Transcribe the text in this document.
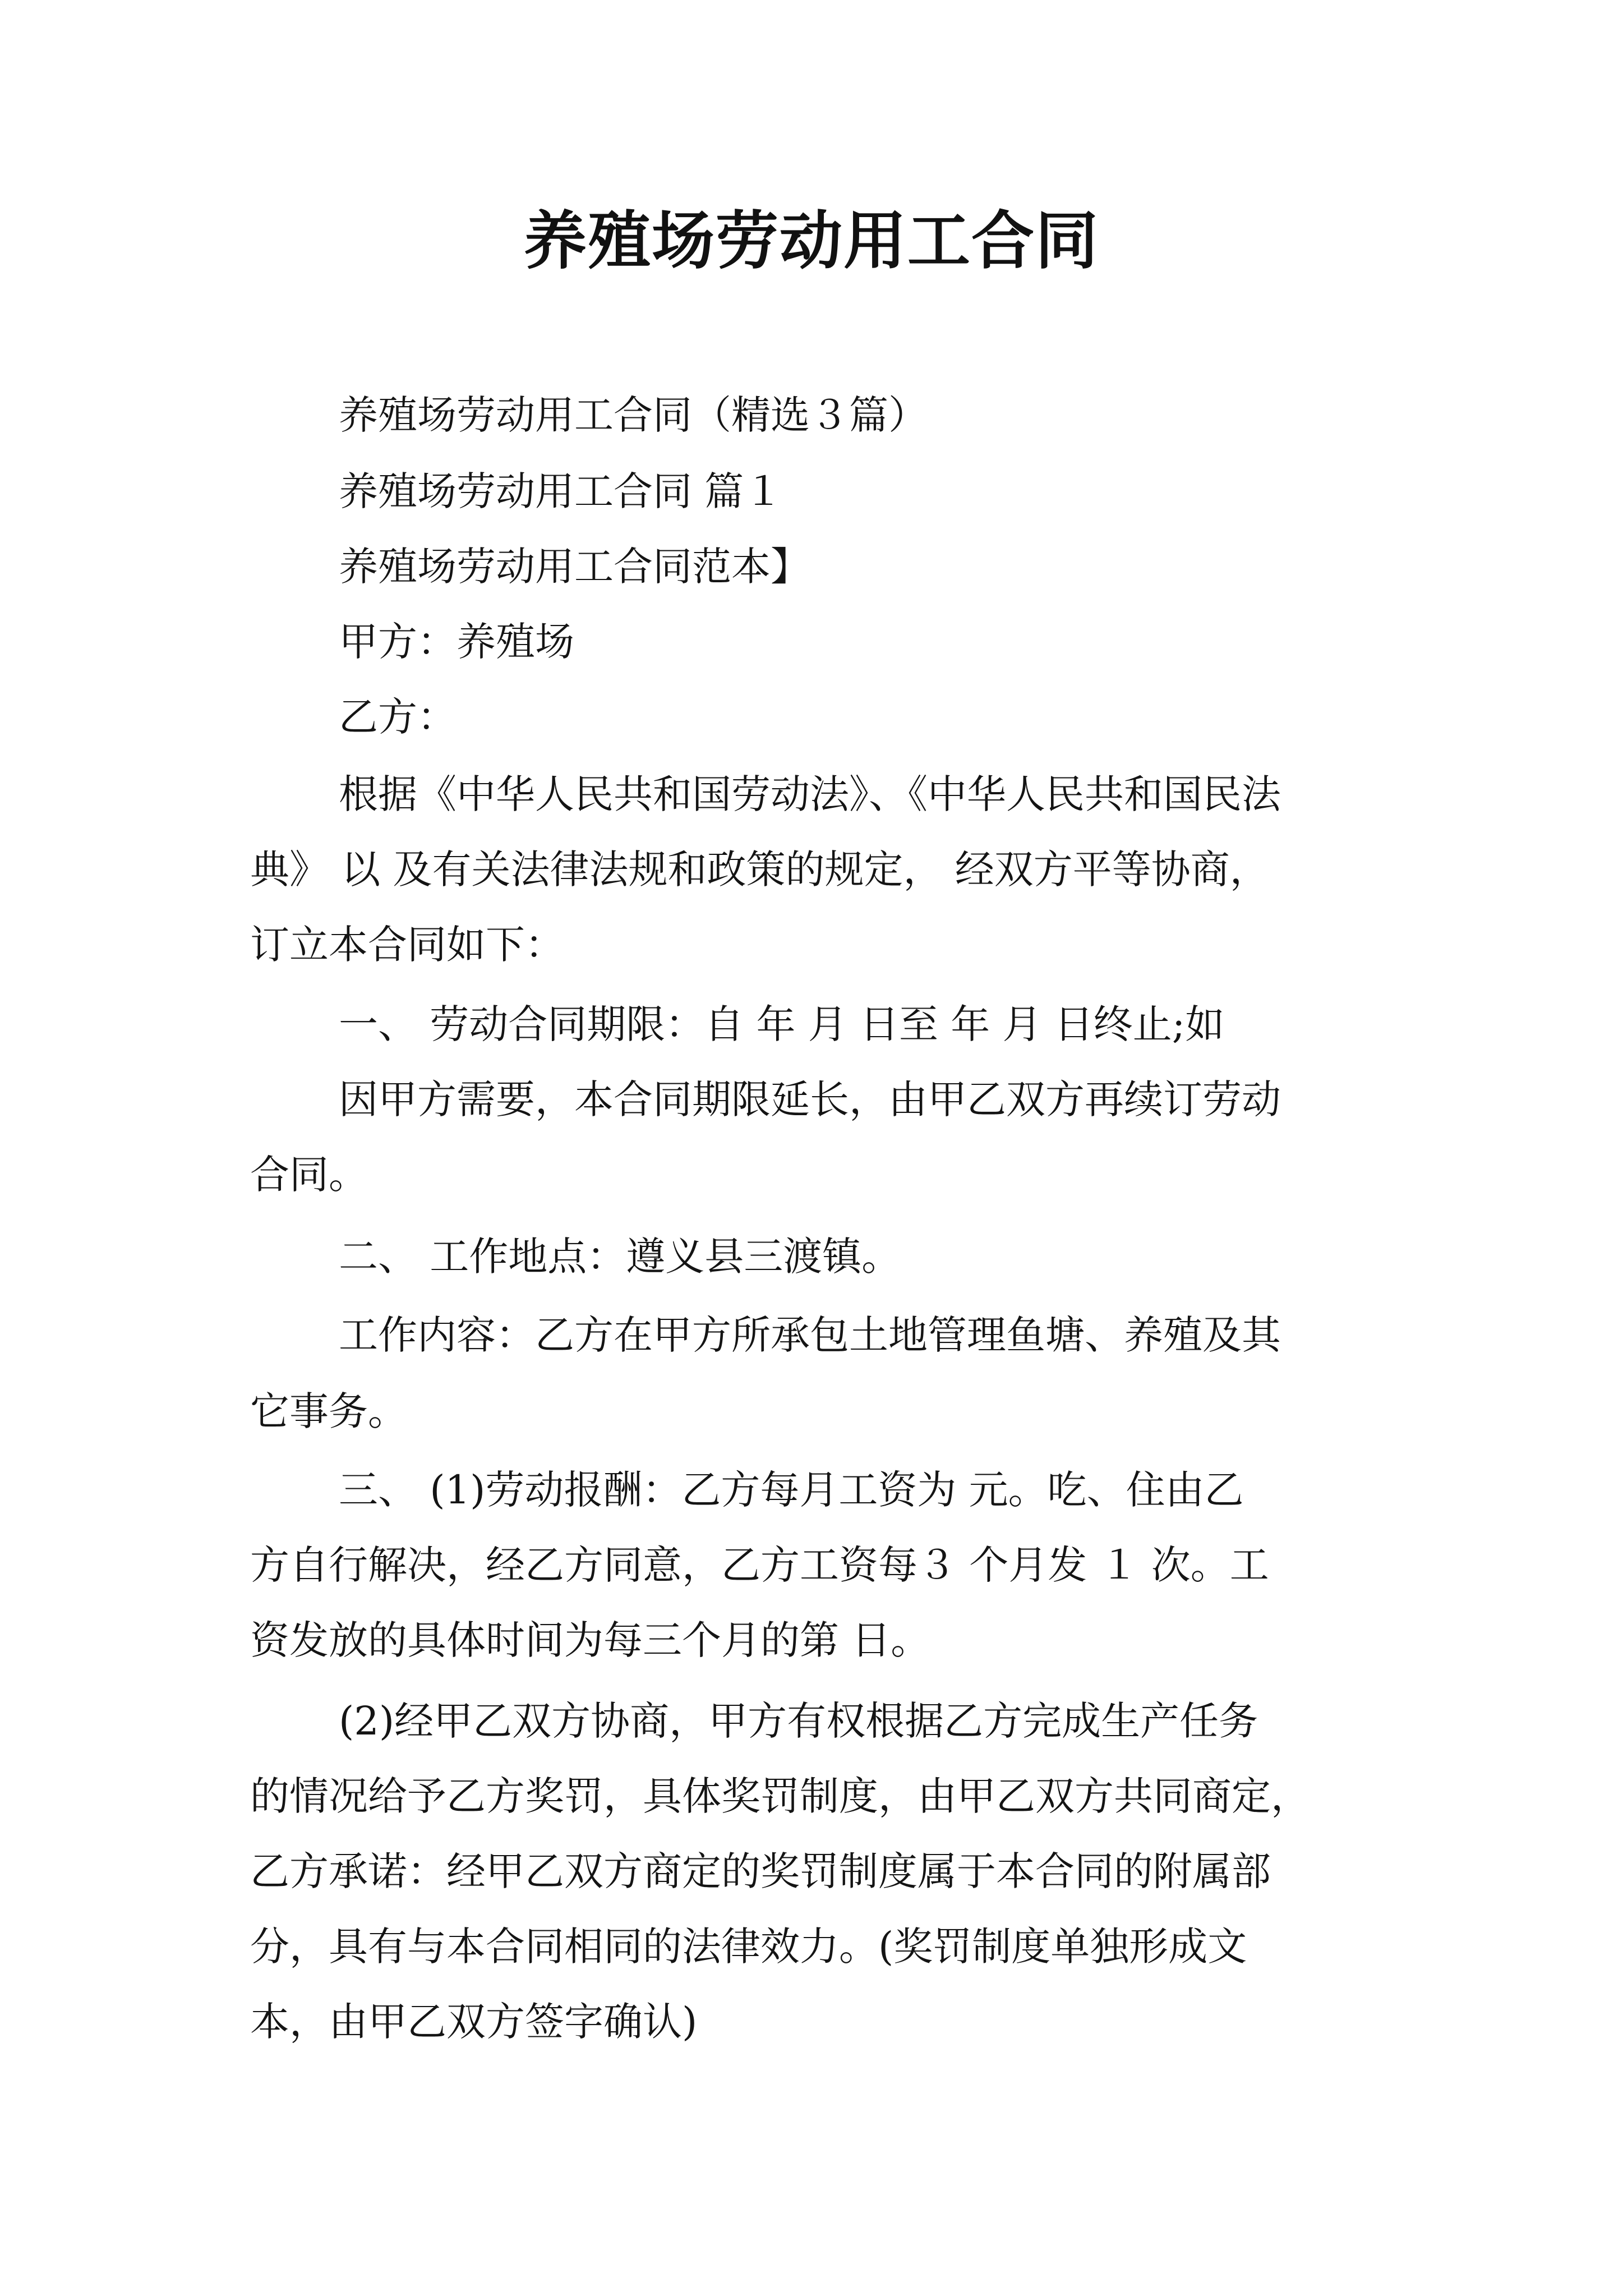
养殖场劳动用工合同
养殖场劳动用工合同（精选３篇）
养殖场劳动用工合同 篇１
养殖场劳动用工合同范本】
甲方：养殖场
乙方：
根据《中华人民共和国劳动法》、《中华人民共和国民法
典》 以 及有关法律法规和政策的规定， 经双方平等协商，
订立本合同如下：
一、 劳动合同期限：自 年 月 日至 年 月 日终止;如
因甲方需要，本合同期限延长，由甲乙双方再续订劳动
合同。
二、 工作地点：遵义县三渡镇。
工作内容：乙方在甲方所承包土地管理鱼塘、养殖及其
它事务。
三、 (1)劳动报酬：乙方每月工资为 元。吃、住由乙
方自行解决，经乙方同意，乙方工资每３ 个月发 １ 次。工
资发放的具体时间为每三个月的第 日。
(2)经甲乙双方协商，甲方有权根据乙方完成生产任务
的情况给予乙方奖罚，具体奖罚制度，由甲乙双方共同商定，
乙方承诺：经甲乙双方商定的奖罚制度属于本合同的附属部
分，具有与本合同相同的法律效力。(奖罚制度单独形成文
本，由甲乙双方签字确认)
